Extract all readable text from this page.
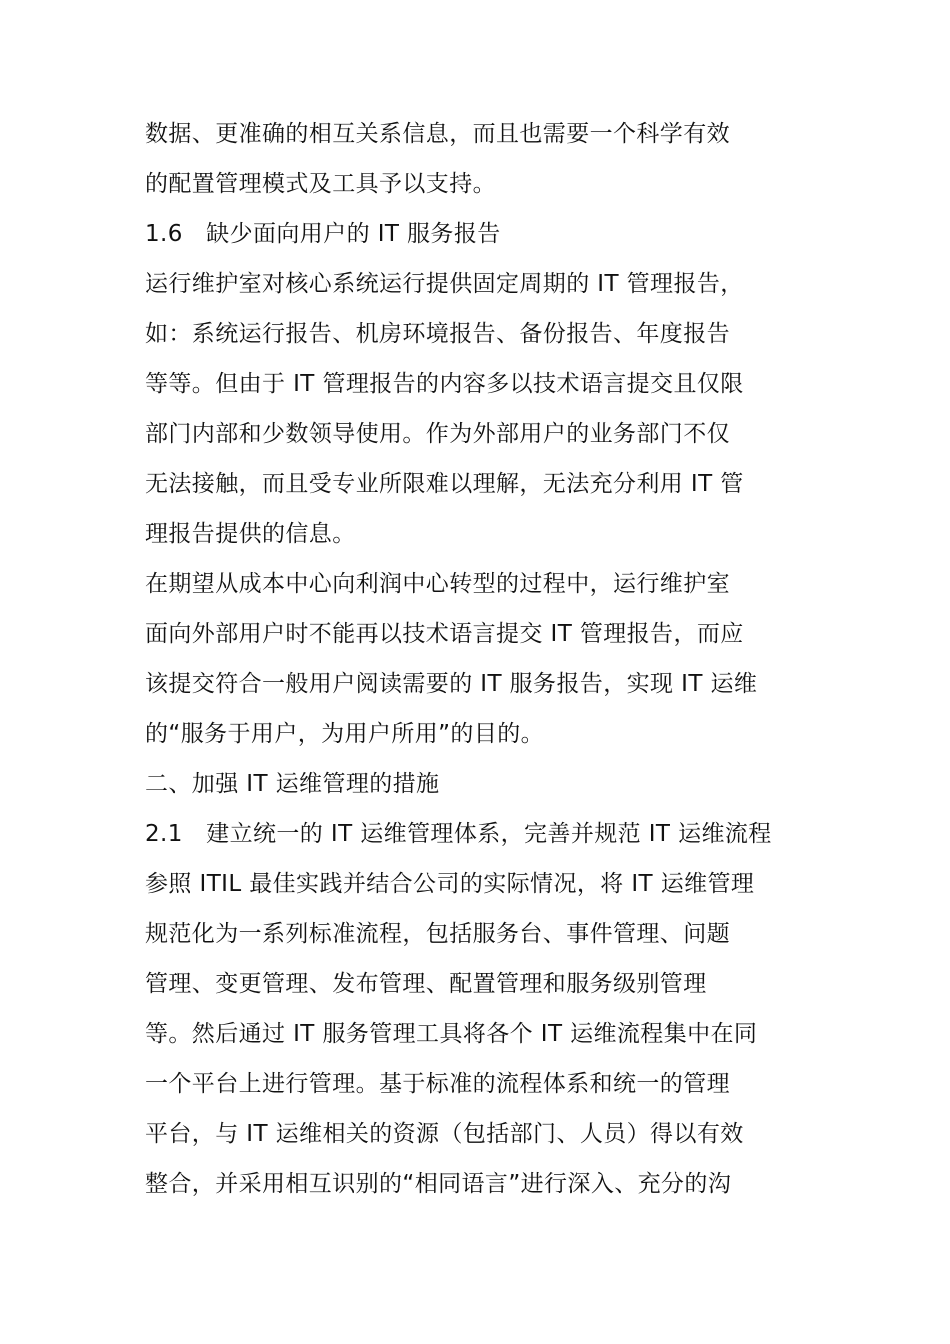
数据、更准确的相互关系信息，而且也需要一个科学有效
的配置管理模式及工具予以支持。
1.6　缺少面向用户的 IT 服务报告
运行维护室对核心系统运行提供固定周期的 IT 管理报告，
如：系统运行报告、机房环境报告、备份报告、年度报告
等等。但由于 IT 管理报告的内容多以技术语言提交且仅限
部门内部和少数领导使用。作为外部用户的业务部门不仅
无法接触，而且受专业所限难以理解，无法充分利用 IT 管
理报告提供的信息。
在期望从成本中心向利润中心转型的过程中，运行维护室
面向外部用户时不能再以技术语言提交 IT 管理报告，而应
该提交符合一般用户阅读需要的 IT 服务报告，实现 IT 运维
的“服务于用户，为用户所用”的目的。
二、加强 IT 运维管理的措施
2.1　建立统一的 IT 运维管理体系，完善并规范 IT 运维流程
参照 ITIL 最佳实践并结合公司的实际情况，将 IT 运维管理
规范化为一系列标准流程，包括服务台、事件管理、问题
管理、变更管理、发布管理、配置管理和服务级别管理
等。然后通过 IT 服务管理工具将各个 IT 运维流程集中在同
一个平台上进行管理。基于标准的流程体系和统一的管理
平台，与 IT 运维相关的资源（包括部门、人员）得以有效
整合，并采用相互识别的“相同语言”进行深入、充分的沟
